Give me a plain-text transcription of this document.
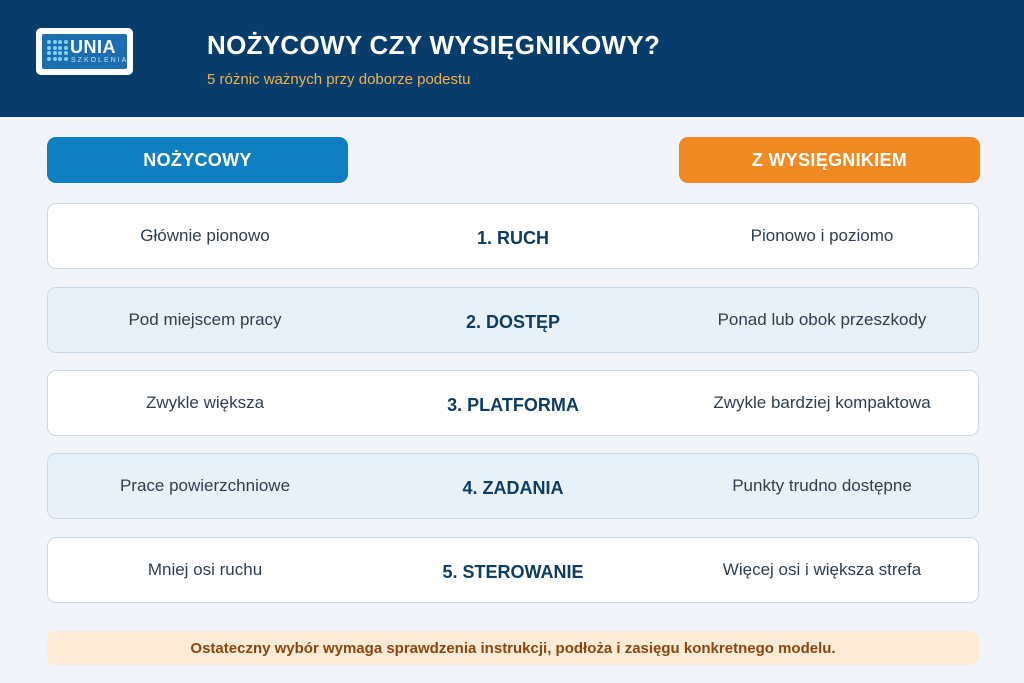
UNIA
SZKOLENIA
NOŻYCOWY CZY WYSIĘGNIKOWY?
5 różnic ważnych przy doborze podestu
NOŻYCOWY	Z WYSIĘGNIKIEM
Głównie pionowo	1. RUCH	Pionowo i poziomo
Pod miejscem pracy	2. DOSTĘP	Ponad lub obok przeszkody
Zwykle większa	3. PLATFORMA	Zwykle bardziej kompaktowa
Prace powierzchniowe	4. ZADANIA	Punkty trudno dostępne
Mniej osi ruchu	5. STEROWANIE	Więcej osi i większa strefa
Ostateczny wybór wymaga sprawdzenia instrukcji, podłoża i zasięgu konkretnego modelu.
